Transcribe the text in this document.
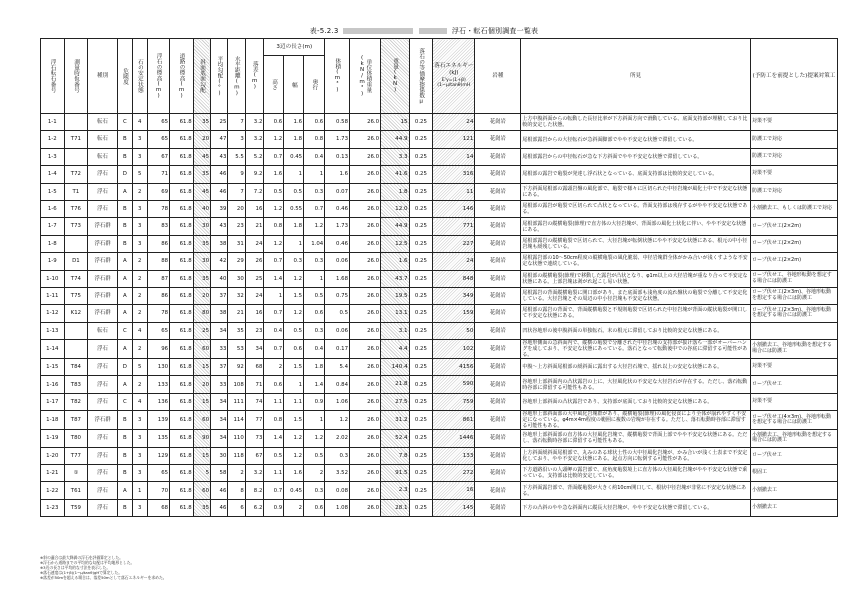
表-5.2.3	浮石・転石個別調査一覧表
浮石転石番号	測量時仮番号	種別	危険度	石の安定状態	浮石の標高(m)	道路の標高(m)	斜面底面勾配	平均勾配(°)	水平距離(m)	落差(m)	3辺の長さ(m)			体積(m³)	単位体積重量(kN/m³)	重量(kN)	落石の等価摩擦係数μ	落石エネルギー(kJ)
E'γ=(1+β)(1−μ/tanθ)mH	岩種	所見	(予防工を前提とした)提案対策工
											高さ	幅	奥行								
1-1		転石	C	4	65	61.8	35	25	7	3.2	0.6	1.6	0.6	0.58	26.0	15	0.25	24	花崗岩	上方中腹斜面からの転動した長径比率が下方斜面方向で滑動している、底面支持部が埋積しており比較的安定した状態。	対策不要
1-2	T71	転石	B	3	65	61.8	20	47	3	3.2	1.2	1.8	0.8	1.73	26.0	44.9	0.25	121	花崗岩	尾根部露岩からの大径転石が急斜面脚部でやや不安定な状態で滞留している。	防護工で対応
1-3		転石	B	3	67	61.8	45	43	5.5	5.2	0.7	0.45	0.4	0.13	26.0	3.3	0.25	14	花崗岩	尾根部露岩からの中径転石が急な下方斜面でやや不安定な状態で滞留している。	防護工で対応
1-4	T72	浮石	D	5	71	61.8	35	46	9	9.2	1.6	1	1	1.6	26.0	41.6	0.25	316	花崗岩	尾根部の露岩で亀裂が発達し浮石状となっている、底面支持部は比較的安定している。	対策不要
1-5	T1	浮石	A	2	69	61.8	45	46	7	7.2	0.5	0.5	0.3	0.07	26.0	1.8	0.25	11	花崗岩	下方斜面尾根部の露頭岩盤の風化部で、亀裂で様々に区切られた中径岩塊が風化土中で不安定な状態にある。	防護工で対応
1-6	T76	浮石	B	3	78	61.8	40	39	20	16	1.2	0.55	0.7	0.46	26.0	12.0	0.25	146	花崗岩	尾根部の露岩が亀裂で区切られて凸状となっている。背面支持部は残存するがやや不安定な状態である。	小割撤去工、もしくは防護工で対応
1-7	T73	浮石群	B	3	83	61.8	30	43	23	21	0.8	1.8	1.2	1.73	26.0	44.9	0.25	771	花崗岩	尾根部露岩の縦横亀裂(節理)で直方体の大径岩塊が、背面部の風化土状化に伴い、やや不安定な状態にある。	ロープ伏せ工(2×2m)
1-8		浮石群	B	3	86	61.8	35	38	31	24	1.2	1	1.04	0.46	26.0	12.5	0.25	227	花崗岩	尾根部露岩の縦横亀裂で区切られて、大径岩塊が転倒状態にやや不安定な状態にある、根元の中小径岩塊も緩残している。	ロープ伏せ工(2×2m)
1-9	D1	浮石群	A	2	88	61.8	30	42	29	26	0.7	0.3	0.3	0.06	26.0	1.6	0.25	24	花崗岩	尾根露岩部の10～50cm程度の縦横亀裂の風化脆弱、中径岩塊群全体がかみ合いが浅くすような不安定な状態で連続している。	ロープ伏せ工(2×2m)
1-10	T74	浮石群	A	2	87	61.8	35	40	30	25	1.4	1.2	1	1.68	26.0	43.7	0.25	848	花崗岩	尾根部の縦横亀裂(節理)で移動した露岩が凸状となり、φ1m以上の大径岩塊が重なり合って不安定な状態にある。上部岩塊は剥がれ起こし易い状態。	ロープ伏せ工、谷地形転動を想定する場合には防護工
1-11	T75	浮石群	A	2	86	61.8	20	37	32	24	1	1.5	0.5	0.75	26.0	19.5	0.25	349	花崗岩	尾根露岩の背面縦横亀裂に開口部があり、また底面部も浅角度の流れ盤状の亀裂で分離して不安定化している。大径岩塊とその周辺の中小径岩塊も不安定な状態。	ロープ伏せ工(2×3m)、谷地形転動を想定する場合には防護工
1-12	K12	浮石群	A	2	78	61.8	80	38	21	16	0.7	1.2	0.6	0.5	26.0	13.1	0.25	159	花崗岩	尾根部の露岩の背面で、背面縦横亀裂と不規則亀裂で区切られた中径岩塊が背面の縦状亀裂が開口して不安定な状態にある。	ロープ伏せ工(2×3m)、谷地形転動を想定する場合には防護工
1-13		転石	C	4	65	61.8	25	34	35	23	0.4	0.5	0.3	0.06	26.0	3.1	0.25	50	花崗岩	凹状谷地形の後中腹斜面の単独転石。末の根元に滞留しており比較的安定な状態にある。	
1-14		浮石	A	2	96	61.8	60	33	53	34	0.7	0.6	0.4	0.17	26.0	4.4	0.25	102	花崗岩	谷地形側面の急斜面内で、縦横の亀裂で分離された中径岩塊の支持部が抜け落ち一部がオーバーハングを成しており、不安定な状態にあっている。落石となって転動後中での谷底に滞留する可能性がある。	小割撤去工、谷地形転動を想定する場合には防護工
1-15	T84	浮石	D	5	130	61.8	15	37	92	68	2	1.5	1.8	5.4	26.0	140.4	0.25	4156	花崗岩	中腹～上方斜面尾根部の緩斜面に露出する大径岩石塊で、揺れ以上の安定な状態にある。	対策不要
1-16	T83	浮石	A	2	133	61.8	20	33	108	71	0.6	1	1.4	0.84	26.0	21.8	0.25	590	花崗岩	谷地形上部斜面内の凸状露岩の上に、大径風化状の不安定な大径岩石が存在する。ただし、落石転動時谷部に滞留する可能性もある。	ロープ伏せ工
1-17	T82	浮石	C	4	136	61.8	15	34	111	74	1.1	1.1	0.9	1.06	26.0	27.5	0.25	759	花崗岩	谷地形上部斜面の凸状露岩であり、支持部が底面しており比較的安定な状態にある。	対策不要
1-18	T87	浮石群	B	3	139	61.8	60	34	114	77	0.8	1.5	1	1.2	26.0	31.2	0.25	861	花崗岩	谷地形上部斜面部の大中風化岩塊群があり、縦横亀裂(節理)の風化侵食により全体が崩れやすく不安定になっている。φ4m×4m程度の範囲に複数の岩塊が存在する。ただし、落石転動時谷部に滞留する可能性もある。	ロープ伏せ工(4×3m)、谷地形転動を想定する場合には防護工
1-19	T80	浮石	B	3	135	61.8	90	34	110	73	1.4	1.2	1.2	2.02	26.0	52.4	0.25	1446	花崗岩	谷地形上部斜面部の直方体の大径風化岩塊で、縦横亀裂で背面上部でやや不安定な状態にある。ただし、落石転動時谷部に滞留する可能性もある。	小割撤去工、谷地形転動を想定する場合には防護工
1-20	T77	浮石	B	3	129	61.8	15	30	118	67	0.5	1.2	0.5	0.3	26.0	7.8	0.25	133	花崗岩	上方斜面緩斜面尾根部で、丸みのある球状土性の大中径風化岩塊が、かみ合いが浅く土表まで不安定化しており、やや不安定な状態にある。起点方向に転倒する可能性がある。	ロープ伏せ工
1-21	①	浮石	B	3	65	61.8	5	58	2	3.2	1.1	1.6	2	3.52	26.0	91.5	0.25	272	花崗岩	下方道路沿いの人頭岬の露岩部で、底角度亀裂境上に直方体の大径風化岩塊がやや不安定な状態で乗っている。支持部は比較的安定している。	根固工
1-22	T61	浮石	A	1	70	61.8	60	46	8	8.2	0.7	0.45	0.3	0.08	26.0	2.3	0.25	16	花崗岩	下方斜面露岩部で、背面縦亀裂が大きく約10cm開口して、根状中径岩塊が非常に不安定な状態にある。	小割撤去工
1-23	T59	浮石	B	3	68	61.8	35	46	6	6.2	0.9	2	0.6	1.08	26.0	28.1	0.25	145	花崗岩	下方の凸斜のやや急な斜面内に縦長大径岩塊が、やや不安定な状態で滞留している。	小割撤去工
※斜の適合は最大降満の浮石を評価算定とした。
※浮石から道路までの平均的な勾配は平均地形とした。
※3辺の長さは平均的な寸法を表示した。
※落石速度は(1+β)(1−μ/tanθ)gHで算定した。
※落差が50mを超える場合は、落差50mとして落石エネルギーを求めた。
